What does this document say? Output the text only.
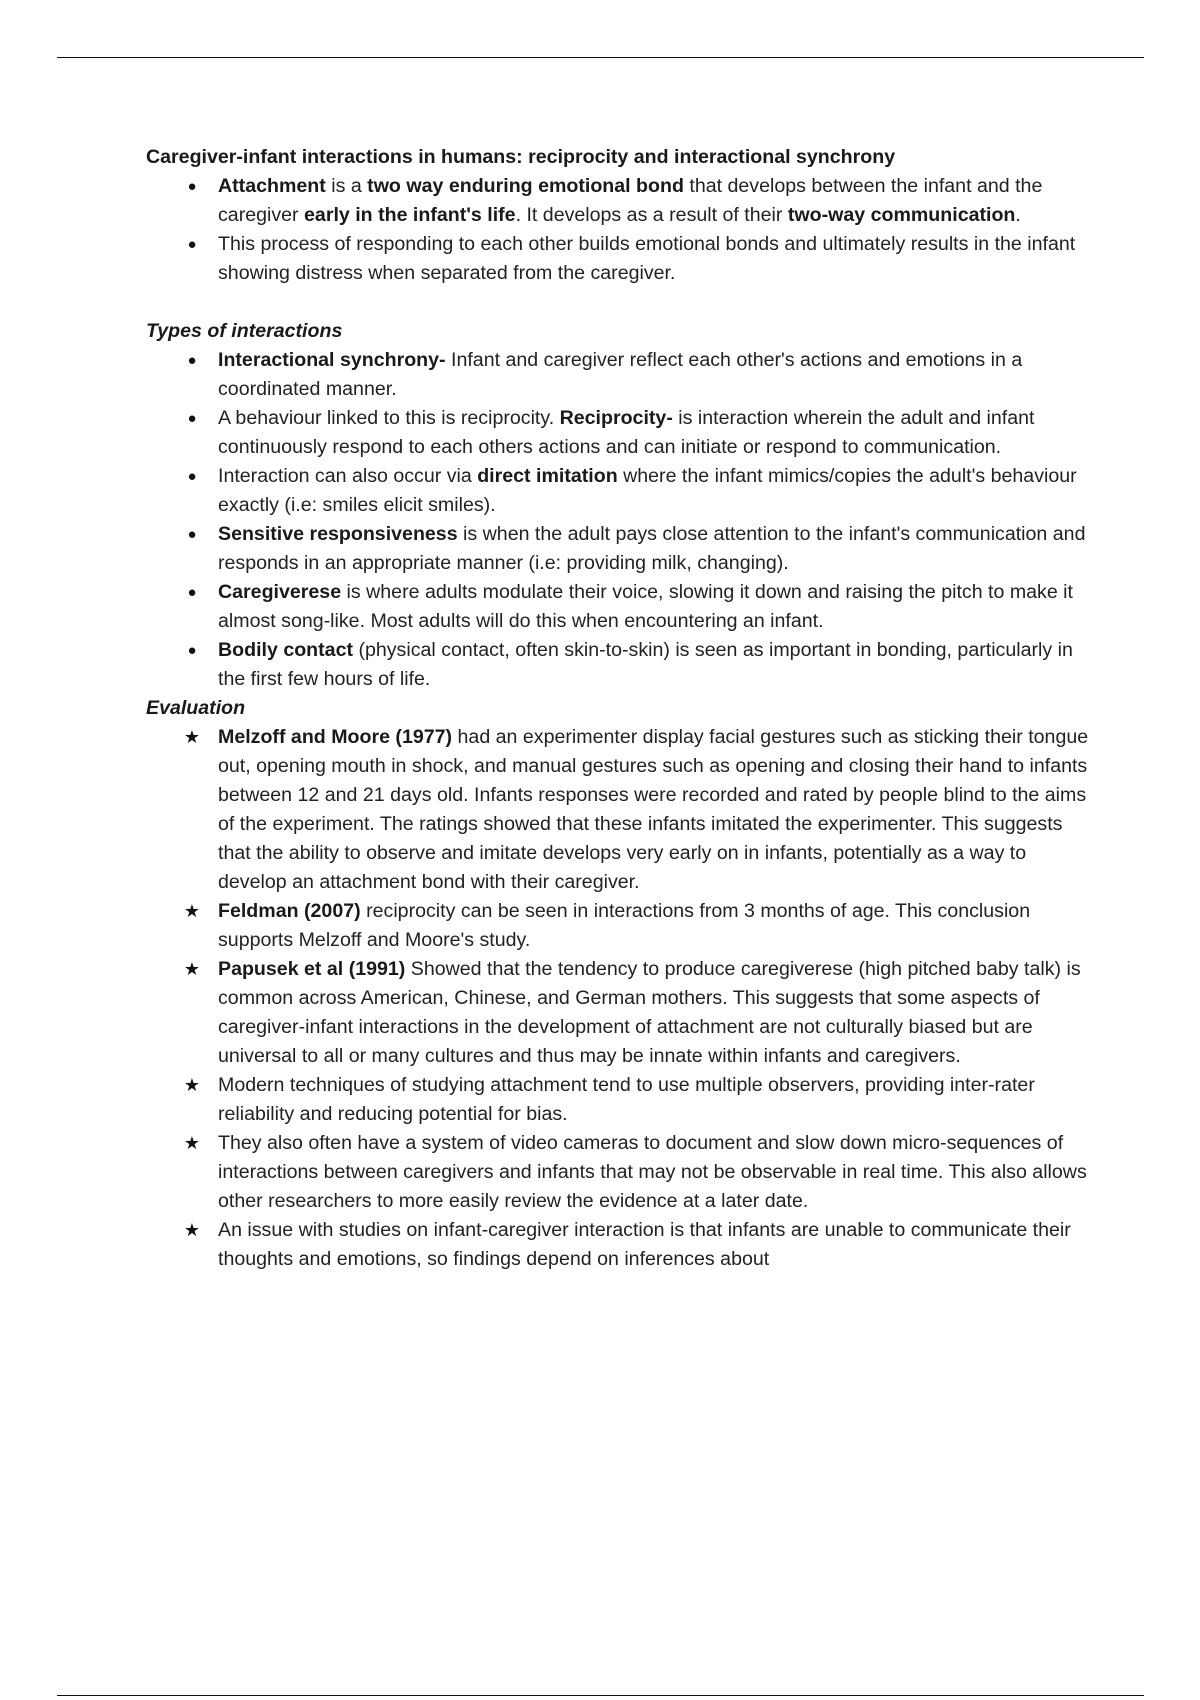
Caregiver-infant interactions in humans: reciprocity and interactional synchrony
● Attachment is a two way enduring emotional bond that develops between the infant and the caregiver early in the infant's life. It develops as a result of their two-way communication.
● This process of responding to each other builds emotional bonds and ultimately results in the infant showing distress when separated from the caregiver.
Types of interactions
● Interactional synchrony- Infant and caregiver reflect each other's actions and emotions in a coordinated manner.
● A behaviour linked to this is reciprocity. Reciprocity- is interaction wherein the adult and infant continuously respond to each others actions and can initiate or respond to communication.
● Interaction can also occur via direct imitation where the infant mimics/copies the adult's behaviour exactly (i.e: smiles elicit smiles).
● Sensitive responsiveness is when the adult pays close attention to the infant's communication and responds in an appropriate manner (i.e: providing milk, changing).
● Caregiverese is where adults modulate their voice, slowing it down and raising the pitch to make it almost song-like. Most adults will do this when encountering an infant.
● Bodily contact (physical contact, often skin-to-skin) is seen as important in bonding, particularly in the first few hours of life.
Evaluation
★ Melzoff and Moore (1977) had an experimenter display facial gestures such as sticking their tongue out, opening mouth in shock, and manual gestures such as opening and closing their hand to infants between 12 and 21 days old. Infants responses were recorded and rated by people blind to the aims of the experiment. The ratings showed that these infants imitated the experimenter. This suggests that the ability to observe and imitate develops very early on in infants, potentially as a way to develop an attachment bond with their caregiver.
★ Feldman (2007) reciprocity can be seen in interactions from 3 months of age. This conclusion supports Melzoff and Moore's study.
★ Papusek et al (1991) Showed that the tendency to produce caregiverese (high pitched baby talk) is common across American, Chinese, and German mothers. This suggests that some aspects of caregiver-infant interactions in the development of attachment are not culturally biased but are universal to all or many cultures and thus may be innate within infants and caregivers.
★ Modern techniques of studying attachment tend to use multiple observers, providing inter-rater reliability and reducing potential for bias.
★ They also often have a system of video cameras to document and slow down micro-sequences of interactions between caregivers and infants that may not be observable in real time. This also allows other researchers to more easily review the evidence at a later date.
★ An issue with studies on infant-caregiver interaction is that infants are unable to communicate their thoughts and emotions, so findings depend on inferences about
